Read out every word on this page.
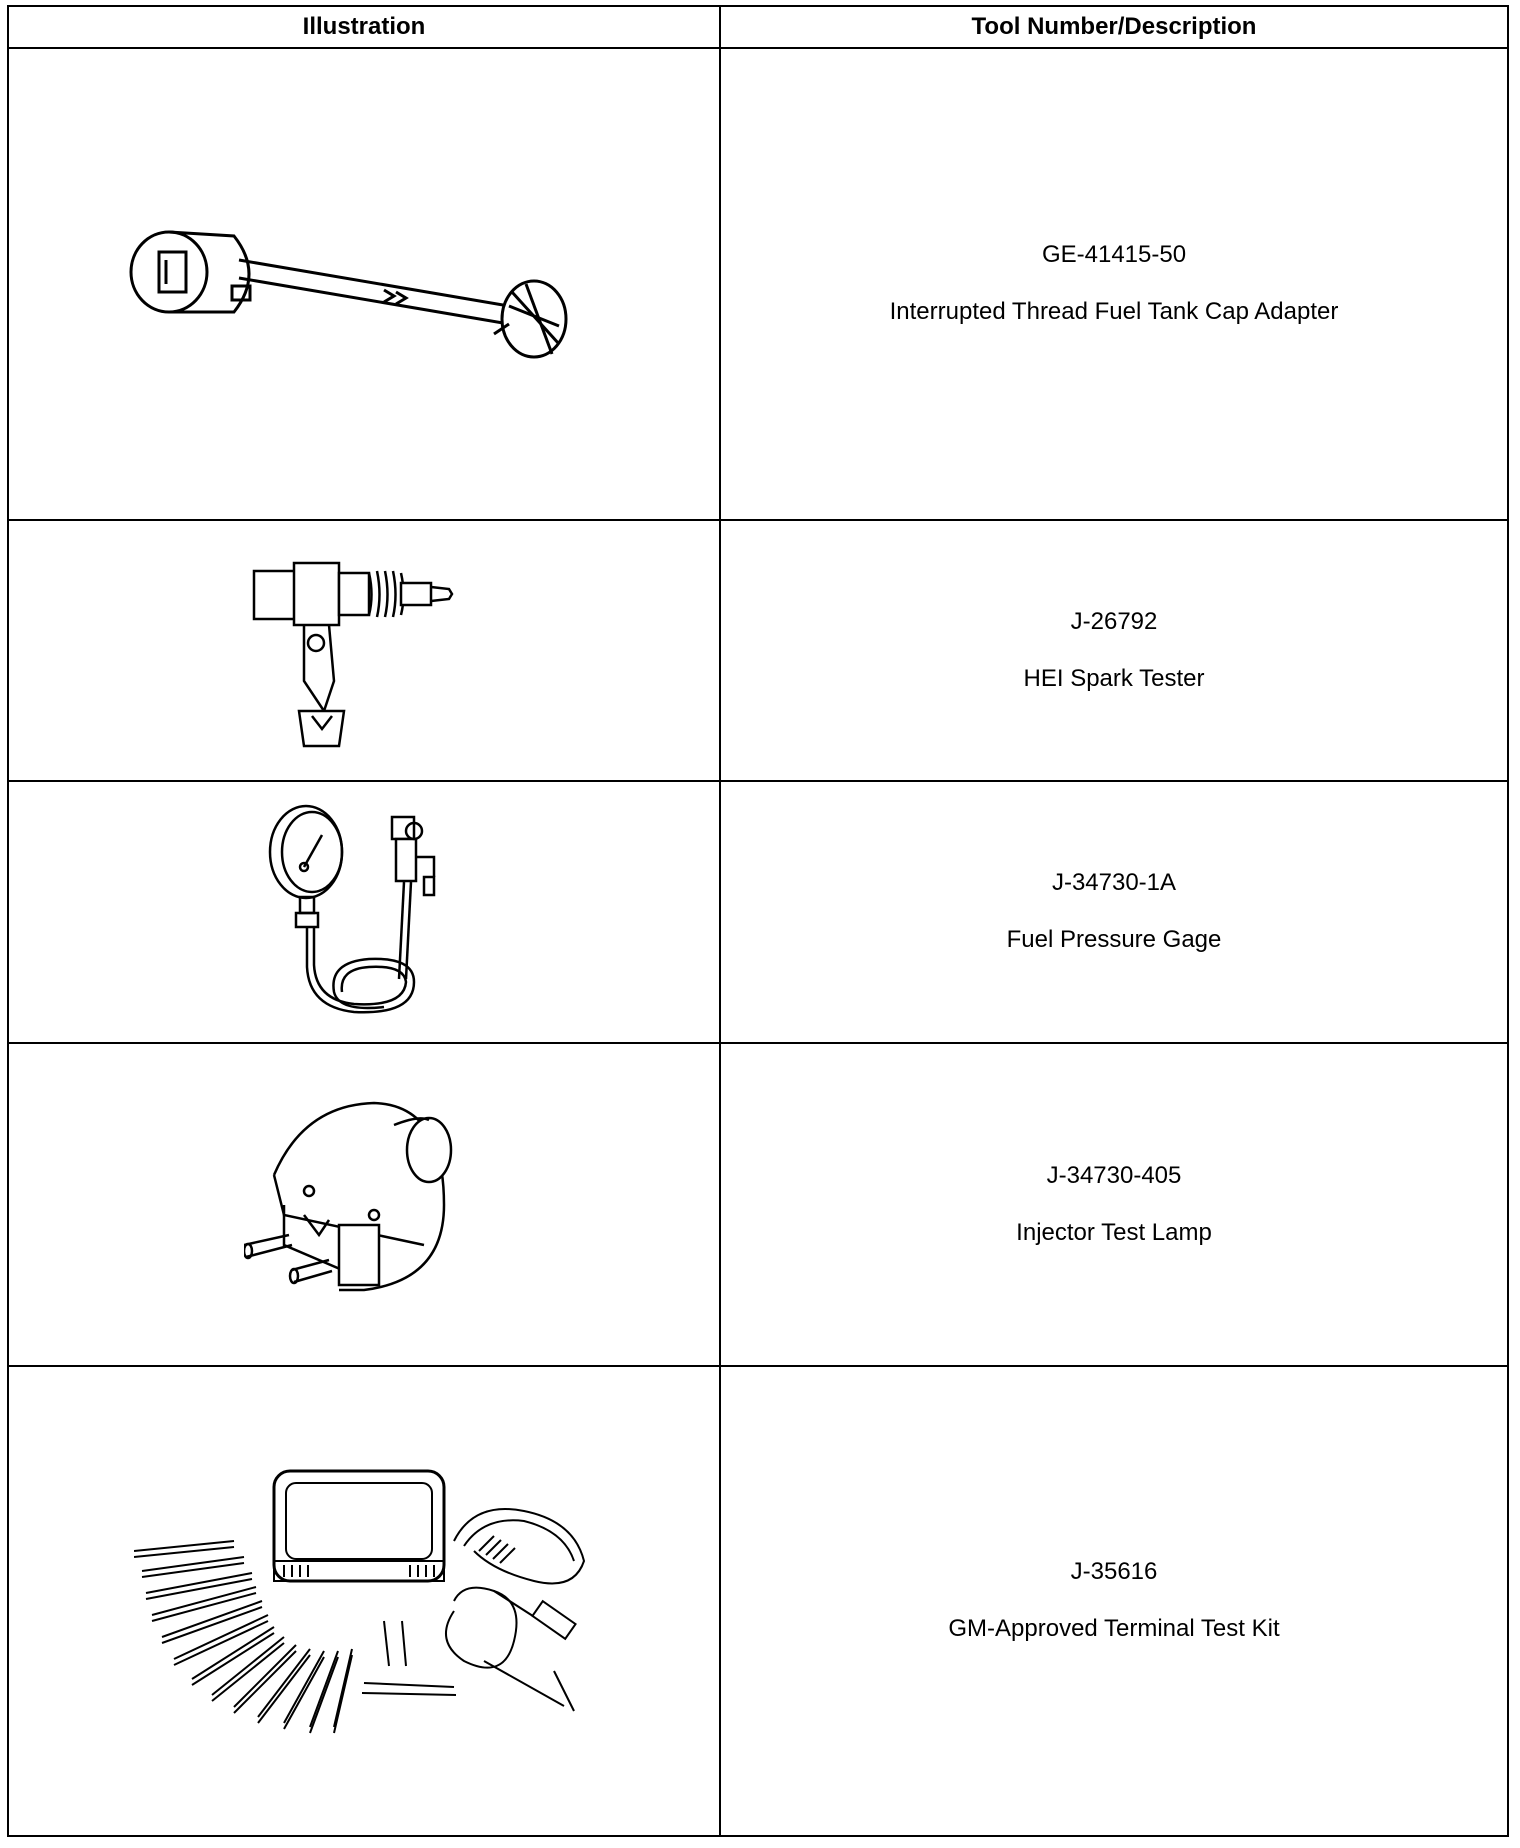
Illustration	Tool Number/Description

GE-41415-50
Interrupted Thread Fuel Tank Cap Adapter

J-26792
HEI Spark Tester

J-34730-1A
Fuel Pressure Gage

J-34730-405
Injector Test Lamp

J-35616
GM-Approved Terminal Test Kit
